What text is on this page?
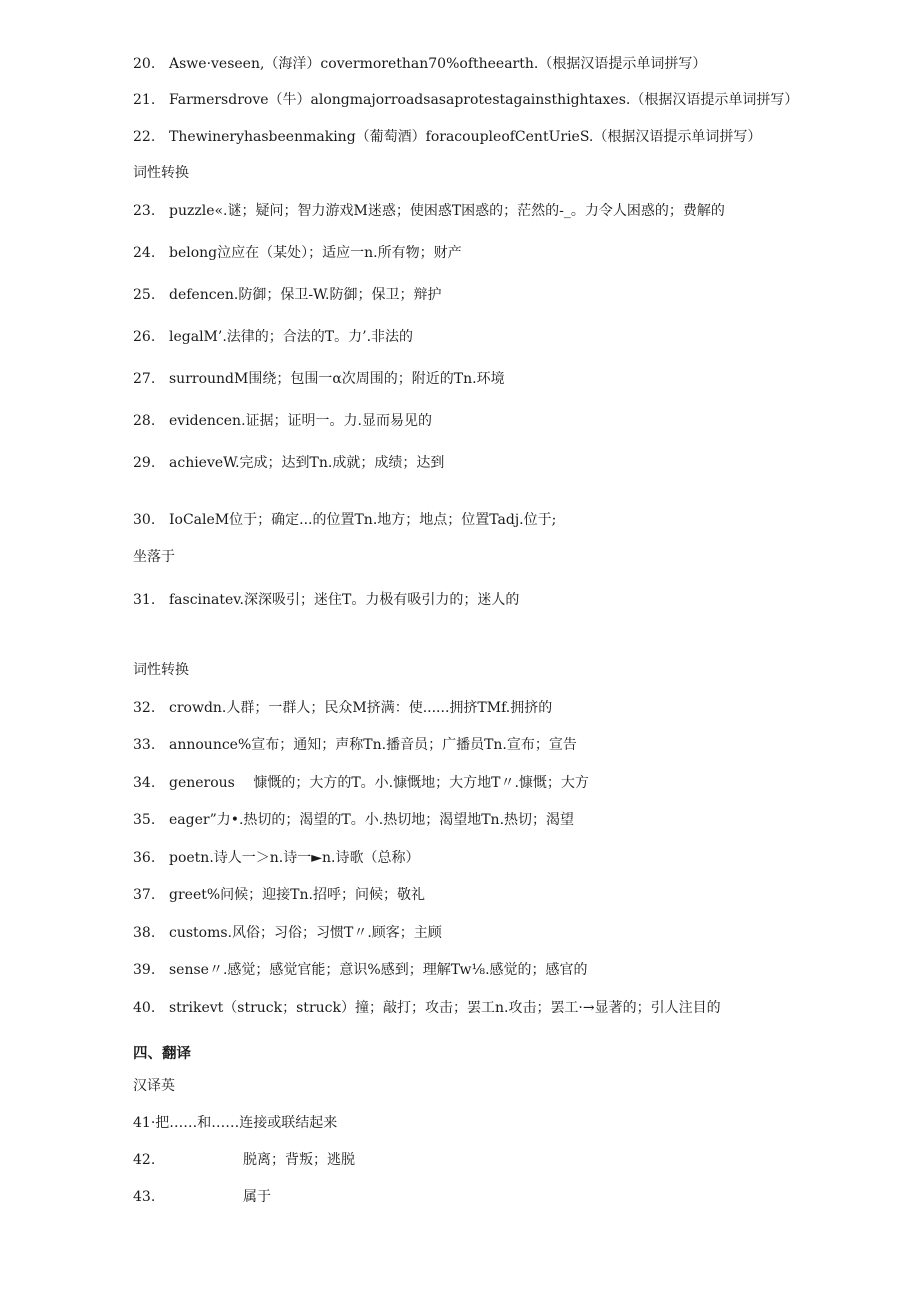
20. Aswe·veseen,（海洋）covermorethan70%oftheearth.（根据汉语提示单词拼写）
21. Farmersdrove（牛）alongmajorroadsasaprotestagainsthightaxes.（根据汉语提示单词拼写）
22. Thewineryhasbeenmaking（葡萄酒）foracoupleofCentUrieS.（根据汉语提示单词拼写）
词性转换
23. puzzle«.谜；疑问；智力游戏M迷惑；使困惑T困惑的；茫然的-_。力令人困惑的；费解的
24. belong泣应在（某处）；适应一n.所有物；财产
25. defencen.防御；保卫-W.防御；保卫；辩护
26. legalM’.法律的；合法的T。力’.非法的
27. surroundM围绕；包围一α次周围的；附近的Tn.环境
28. evidencen.证据；证明一。力.显而易见的
29. achieveW.完成；达到Tn.成就；成绩；达到
30. IoCaleM位于；确定...的位置Tn.地方；地点；位置Tadj.位于;
坐落于
31. fascinatev.深深吸引；迷住T。力极有吸引力的；迷人的
词性转换
32. crowdn.人群；一群人；民众M挤满：使......拥挤TMf.拥挤的
33. announce%宣布；通知；声称Tn.播音员；广播员Tn.宣布；宣告
34. generous　 慷慨的；大方的T。小.慷慨地；大方地T〃.慷慨；大方
35. eager”力•.热切的；渴望的T。小.热切地；渴望地Tn.热切；渴望
36. poetn.诗人一＞n.诗一►n.诗歌（总称）
37. greet%问候；迎接Tn.招呼；问候；敬礼
38. customs.风俗；习俗；习惯T〃.顾客；主顾
39. sense〃.感觉；感觉官能；意识%感到；理解Tw⅛.感觉的；感官的
40. strikevt（struck；struck）撞；敲打；攻击；罢工n.攻击；罢工·→显著的；引人注目的
四、翻译
汉译英
41·把……和……连接或联结起来
42.	脱离；背叛；逃脱
43.	属于
